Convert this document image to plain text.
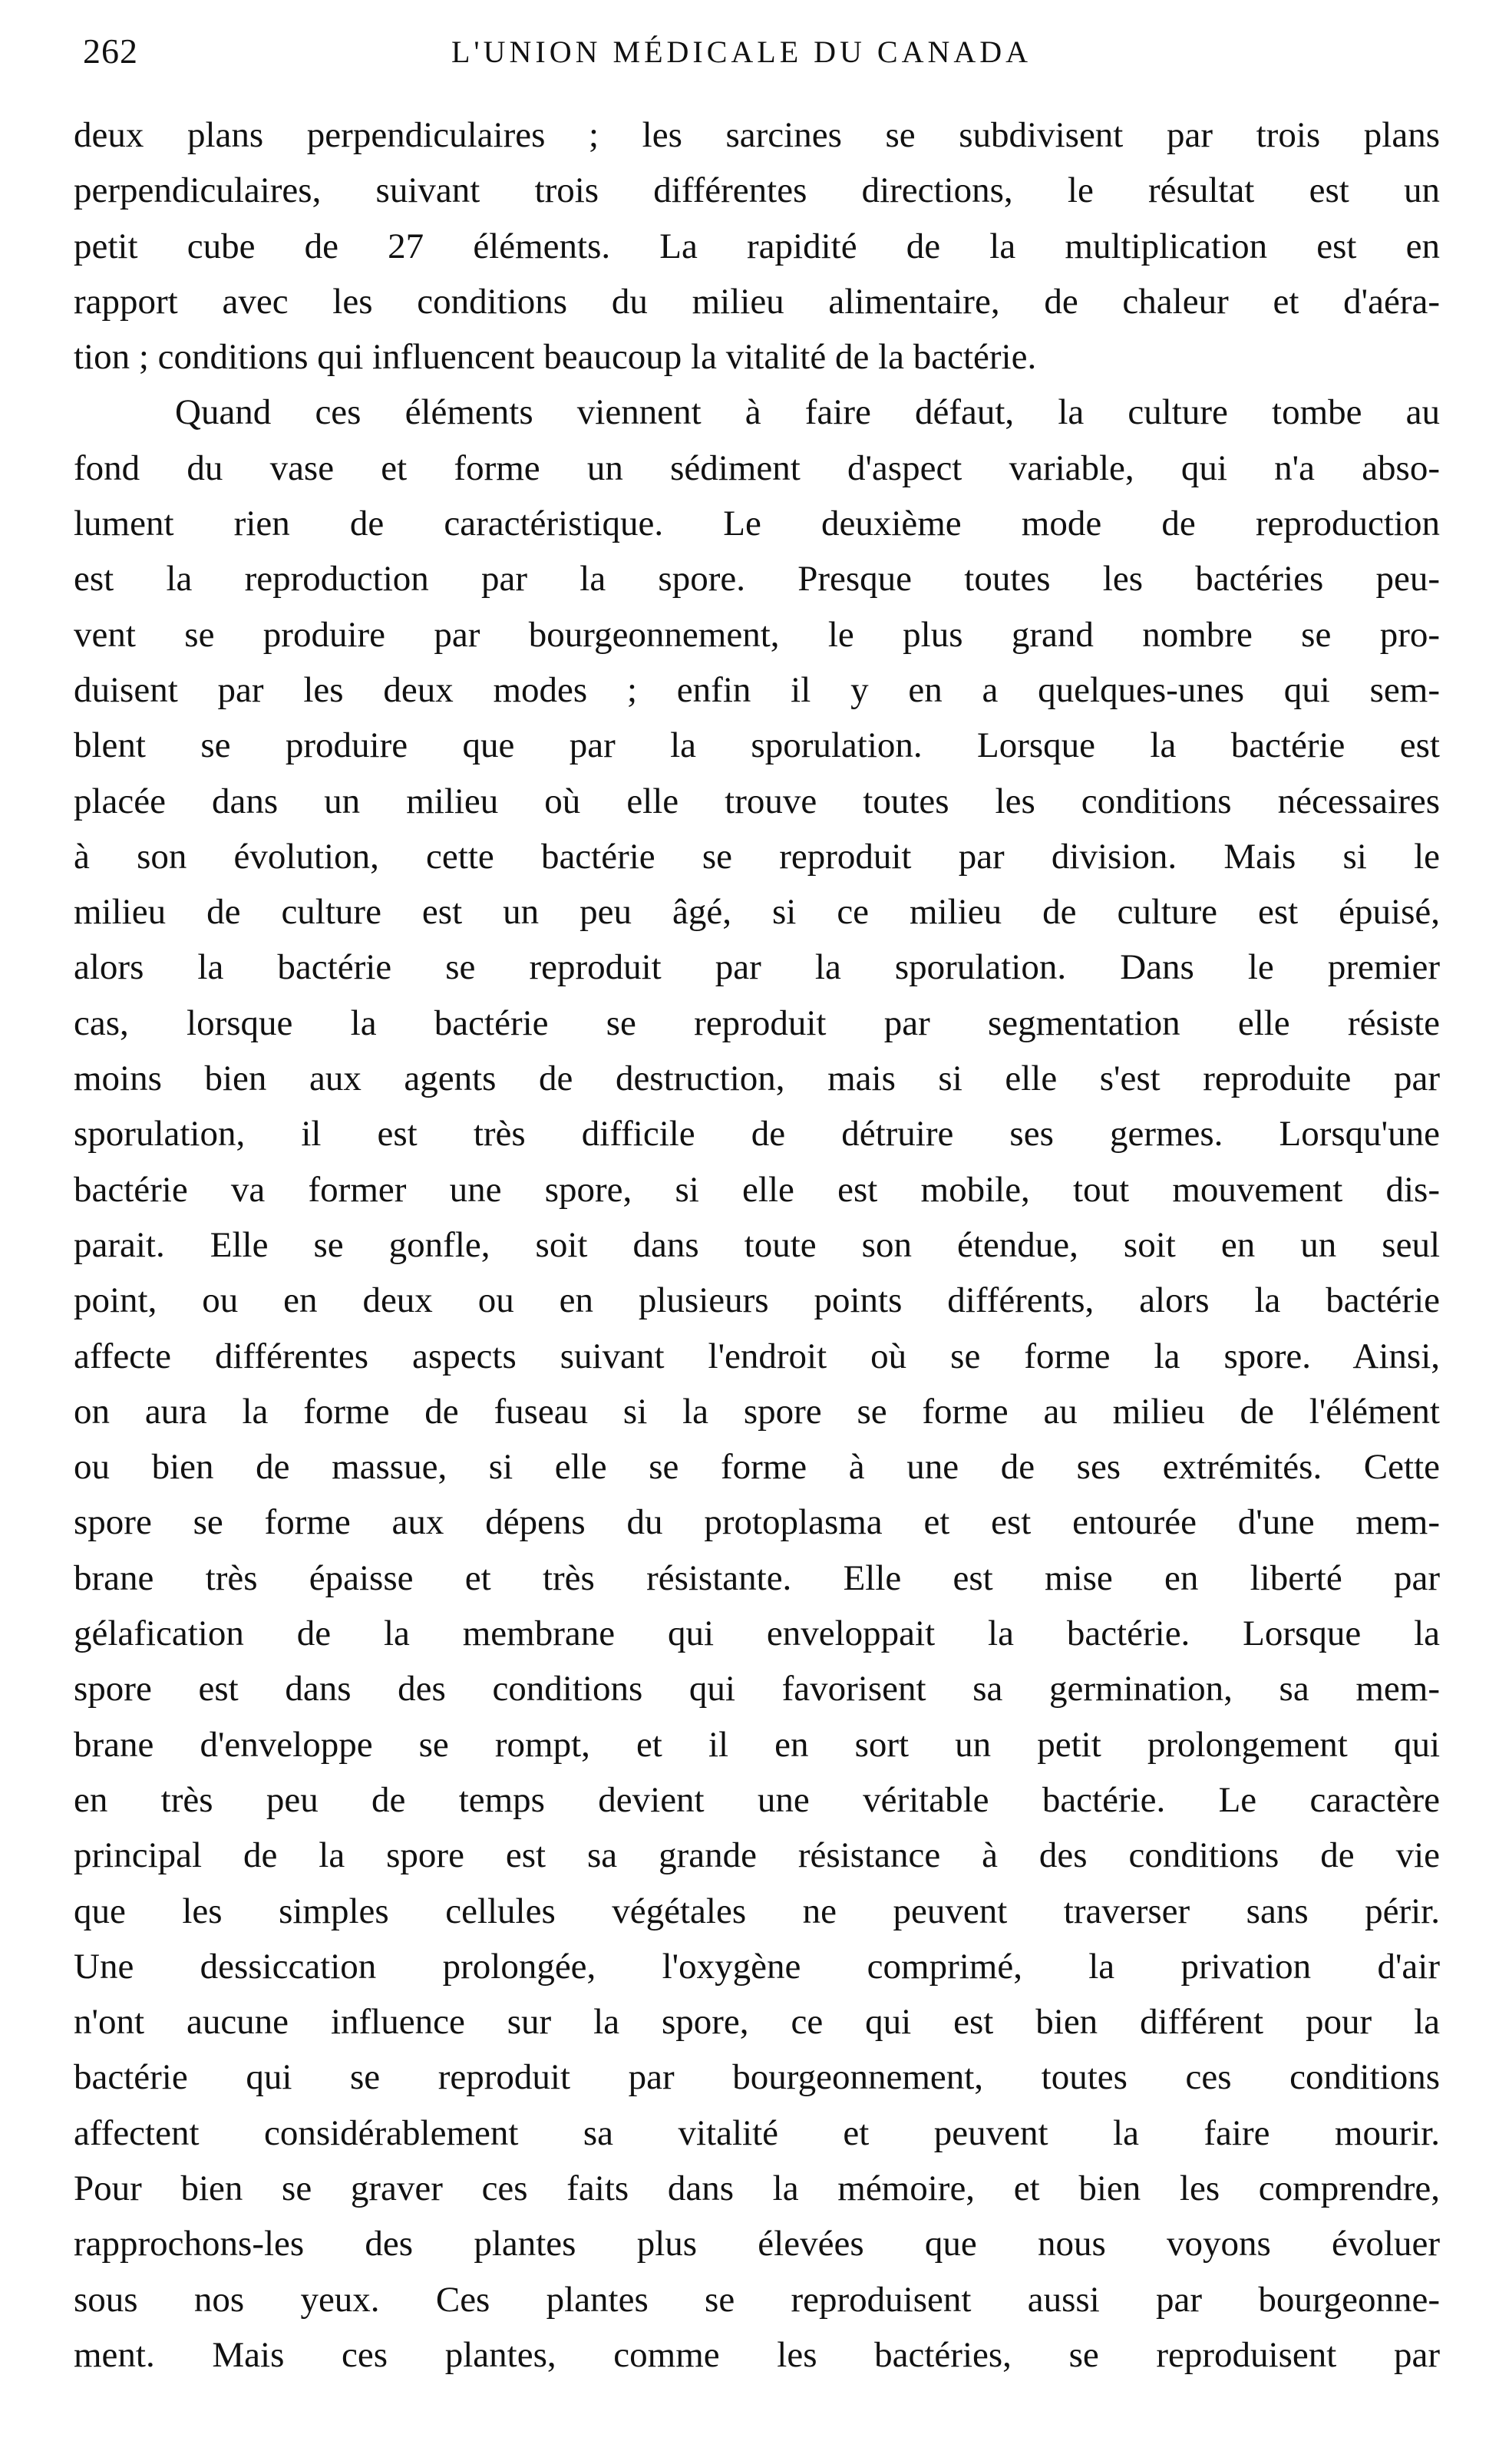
262	L'UNION MÉDICALE DU CANADA
deux plans perpendiculaires ; les sarcines se subdivisent par trois plans
perpendiculaires, suivant trois différentes directions, le résultat est un
petit cube de 27 éléments. La rapidité de la multiplication est en
rapport avec les conditions du milieu alimentaire, de chaleur et d'aéra-
tion ; conditions qui influencent beaucoup la vitalité de la bactérie.
Quand ces éléments viennent à faire défaut, la culture tombe au
fond du vase et forme un sédiment d'aspect variable, qui n'a abso-
lument rien de caractéristique. Le deuxième mode de reproduction
est la reproduction par la spore. Presque toutes les bactéries peu-
vent se produire par bourgeonnement, le plus grand nombre se pro-
duisent par les deux modes ; enfin il y en a quelques-unes qui sem-
blent se produire que par la sporulation. Lorsque la bactérie est
placée dans un milieu où elle trouve toutes les conditions nécessaires
à son évolution, cette bactérie se reproduit par division. Mais si le
milieu de culture est un peu âgé, si ce milieu de culture est épuisé,
alors la bactérie se reproduit par la sporulation. Dans le premier
cas, lorsque la bactérie se reproduit par segmentation elle résiste
moins bien aux agents de destruction, mais si elle s'est reproduite par
sporulation, il est très difficile de détruire ses germes. Lorsqu'une
bactérie va former une spore, si elle est mobile, tout mouvement dis-
parait. Elle se gonfle, soit dans toute son étendue, soit en un seul
point, ou en deux ou en plusieurs points différents, alors la bactérie
affecte différentes aspects suivant l'endroit où se forme la spore. Ainsi,
on aura la forme de fuseau si la spore se forme au milieu de l'élément
ou bien de massue, si elle se forme à une de ses extrémités. Cette
spore se forme aux dépens du protoplasma et est entourée d'une mem-
brane très épaisse et très résistante. Elle est mise en liberté par
gélafication de la membrane qui enveloppait la bactérie. Lorsque la
spore est dans des conditions qui favorisent sa germination, sa mem-
brane d'enveloppe se rompt, et il en sort un petit prolongement qui
en très peu de temps devient une véritable bactérie. Le caractère
principal de la spore est sa grande résistance à des conditions de vie
que les simples cellules végétales ne peuvent traverser sans périr.
Une dessiccation prolongée, l'oxygène comprimé, la privation d'air
n'ont aucune influence sur la spore, ce qui est bien différent pour la
bactérie qui se reproduit par bourgeonnement, toutes ces conditions
affectent considérablement sa vitalité et peuvent la faire mourir.
Pour bien se graver ces faits dans la mémoire, et bien les comprendre,
rapprochons-les des plantes plus élevées que nous voyons évoluer
sous nos yeux. Ces plantes se reproduisent aussi par bourgeonne-
ment. Mais ces plantes, comme les bactéries, se reproduisent par
